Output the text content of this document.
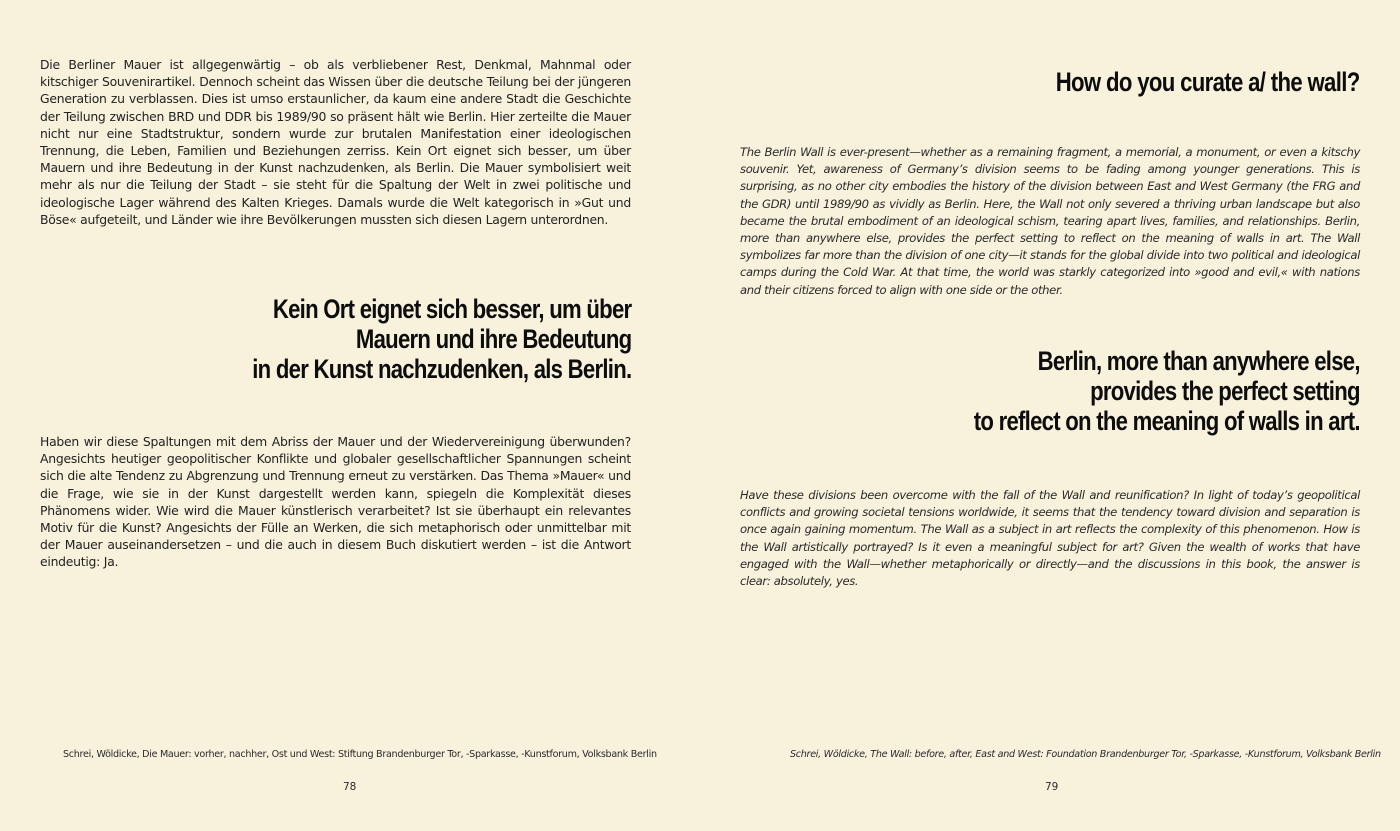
Die Berliner Mauer ist allgegenwärtig – ob als verbliebener Rest, Denkmal, Mahnmal oder kitschiger Souvenirartikel. Dennoch scheint das Wissen über die deutsche Teilung bei der jüngeren Generation zu verblassen. Dies ist umso erstaunlicher, da kaum eine andere Stadt die Geschichte der Teilung zwischen BRD und DDR bis 1989/90 so präsent hält wie Berlin. Hier zerteilte die Mauer nicht nur eine Stadtstruktur, sondern wurde zur brutalen Manifestation einer ideologischen Trennung, die Leben, Familien und Beziehungen zerriss. Kein Ort eignet sich besser, um über Mauern und ihre Bedeutung in der Kunst nachzudenken, als Berlin. Die Mauer symbolisiert weit mehr als nur die Teilung der Stadt – sie steht für die Spaltung der Welt in zwei politische und ideologische Lager während des Kalten Krieges. Damals wurde die Welt kategorisch in »Gut und Böse« aufgeteilt, und Länder wie ihre Bevölkerungen mussten sich diesen Lagern unterordnen.

Kein Ort eignet sich besser, um über
Mauern und ihre Bedeutung
in der Kunst nachzudenken, als Berlin.

Haben wir diese Spaltungen mit dem Abriss der Mauer und der Wiedervereinigung überwunden? Angesichts heutiger geopolitischer Konflikte und globaler gesellschaftlicher Spannungen scheint sich die alte Tendenz zu Abgrenzung und Trennung erneut zu verstärken. Das Thema »Mauer« und die Frage, wie sie in der Kunst dargestellt werden kann, spiegeln die Komplexität dieses Phänomens wider. Wie wird die Mauer künstlerisch verarbeitet? Ist sie überhaupt ein relevantes Motiv für die Kunst? Angesichts der Fülle an Werken, die sich metaphorisch oder unmittelbar mit der Mauer auseinandersetzen – und die auch in diesem Buch diskutiert werden – ist die Antwort eindeutig: Ja.

Schrei, Wöldicke, Die Mauer: vorher, nachher, Ost und West: Stiftung Brandenburger Tor, -Sparkasse, -Kunstforum, Volksbank Berlin
78
How do you curate a/ the wall?

The Berlin Wall is ever-present—whether as a remaining fragment, a memorial, a monument, or even a kitschy souvenir. Yet, awareness of Germany’s division seems to be fading among younger generations. This is surprising, as no other city embodies the history of the division between East and West Germany (the FRG and the GDR) until 1989/90 as vividly as Berlin. Here, the Wall not only severed a thriving urban landscape but also became the brutal embodiment of an ideological schism, tearing apart lives, families, and relationships. Berlin, more than anywhere else, provides the perfect setting to reflect on the meaning of walls in art. The Wall symbolizes far more than the division of one city—it stands for the global divide into two political and ideological camps during the Cold War. At that time, the world was starkly categorized into »good and evil,« with nations and their citizens forced to align with one side or the other.

Berlin, more than anywhere else,
provides the perfect setting
to reflect on the meaning of walls in art.

Have these divisions been overcome with the fall of the Wall and reunification? In light of today’s geopolitical conflicts and growing societal tensions worldwide, it seems that the tendency toward division and separation is once again gaining momentum. The Wall as a subject in art reflects the complexity of this phenomenon. How is the Wall artistically portrayed? Is it even a meaningful subject for art? Given the wealth of works that have engaged with the Wall—whether metaphorically or directly—and the discussions in this book, the answer is clear: absolutely, yes.

Schrei, Wöldicke, The Wall: before, after, East and West: Foundation Brandenburger Tor, -Sparkasse, -Kunstforum, Volksbank Berlin
79
